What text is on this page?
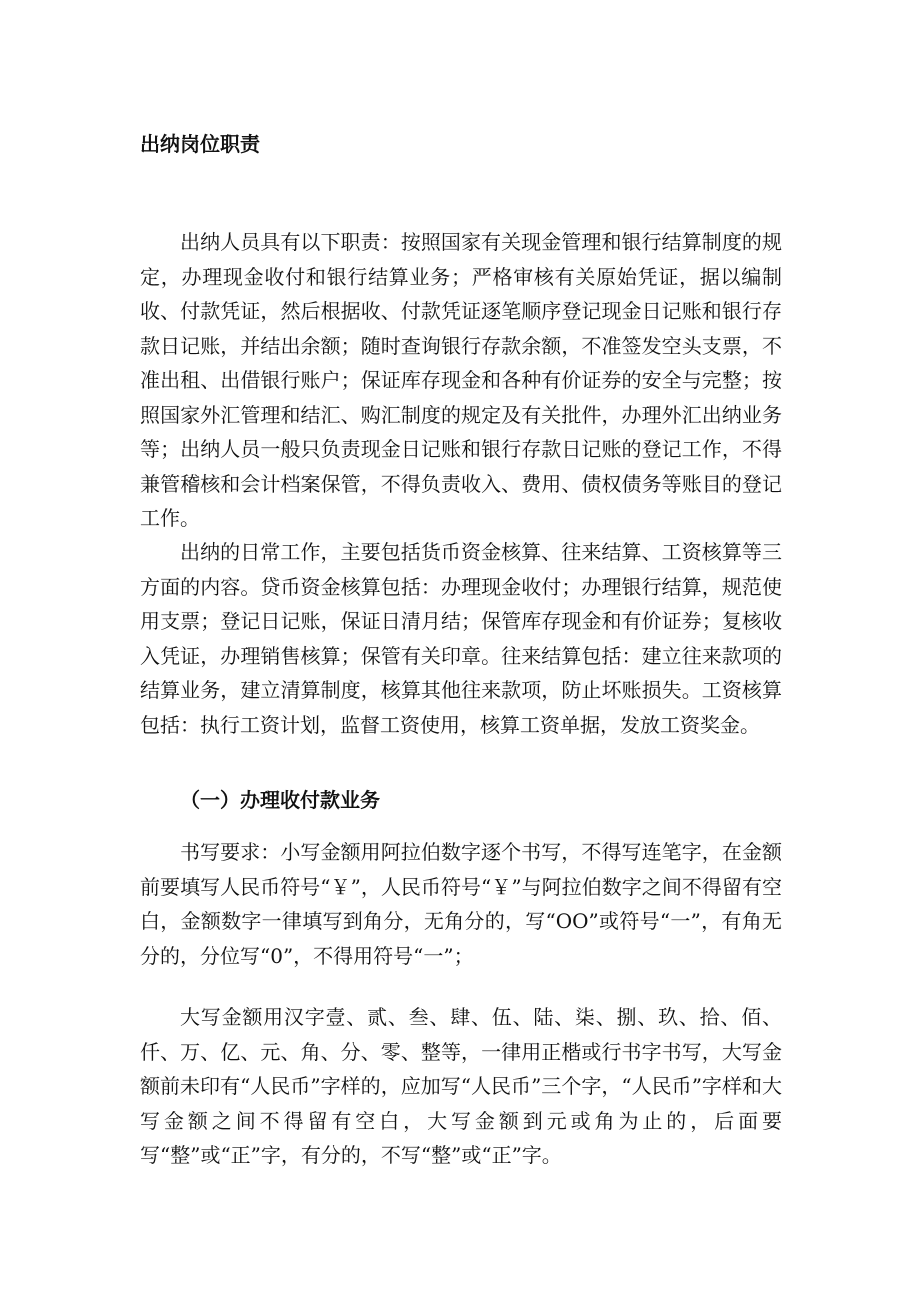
出纳岗位职责

出纳人员具有以下职责：按照国家有关现金管理和银行结算制度的规定，办理现金收付和银行结算业务；严格审核有关原始凭证，据以编制收、付款凭证，然后根据收、付款凭证逐笔顺序登记现金日记账和银行存款日记账，并结出余额；随时查询银行存款余额，不准签发空头支票，不准出租、出借银行账户；保证库存现金和各种有价证券的安全与完整；按照国家外汇管理和结汇、购汇制度的规定及有关批件，办理外汇出纳业务等；出纳人员一般只负责现金日记账和银行存款日记账的登记工作，不得兼管稽核和会计档案保管，不得负责收入、费用、债权债务等账目的登记工作。

出纳的日常工作，主要包括货币资金核算、往来结算、工资核算等三方面的内容。贷币资金核算包括：办理现金收付；办理银行结算，规范使用支票；登记日记账，保证日清月结；保管库存现金和有价证券；复核收入凭证，办理销售核算；保管有关印章。往来结算包括：建立往来款项的结算业务，建立清算制度，核算其他往来款项，防止坏账损失。工资核算包括：执行工资计划，监督工资使用，核算工资单据，发放工资奖金。

（一）办理收付款业务

书写要求：小写金额用阿拉伯数字逐个书写，不得写连笔字，在金额前要填写人民币符号“￥”，人民币符号“￥”与阿拉伯数字之间不得留有空白，金额数字一律填写到角分，无角分的，写“OO”或符号“一”，有角无分的，分位写“0”，不得用符号“一”；

大写金额用汉字壹、贰、叁、肆、伍、陆、柒、捌、玖、拾、佰、仟、万、亿、元、角、分、零、整等，一律用正楷或行书字书写，大写金额前未印有“人民币”字样的，应加写“人民币”三个字，“人民币”字样和大写金额之间不得留有空白，大写金额到元或角为止的，后面要写“整”或“正”字，有分的，不写“整”或“正”字。
